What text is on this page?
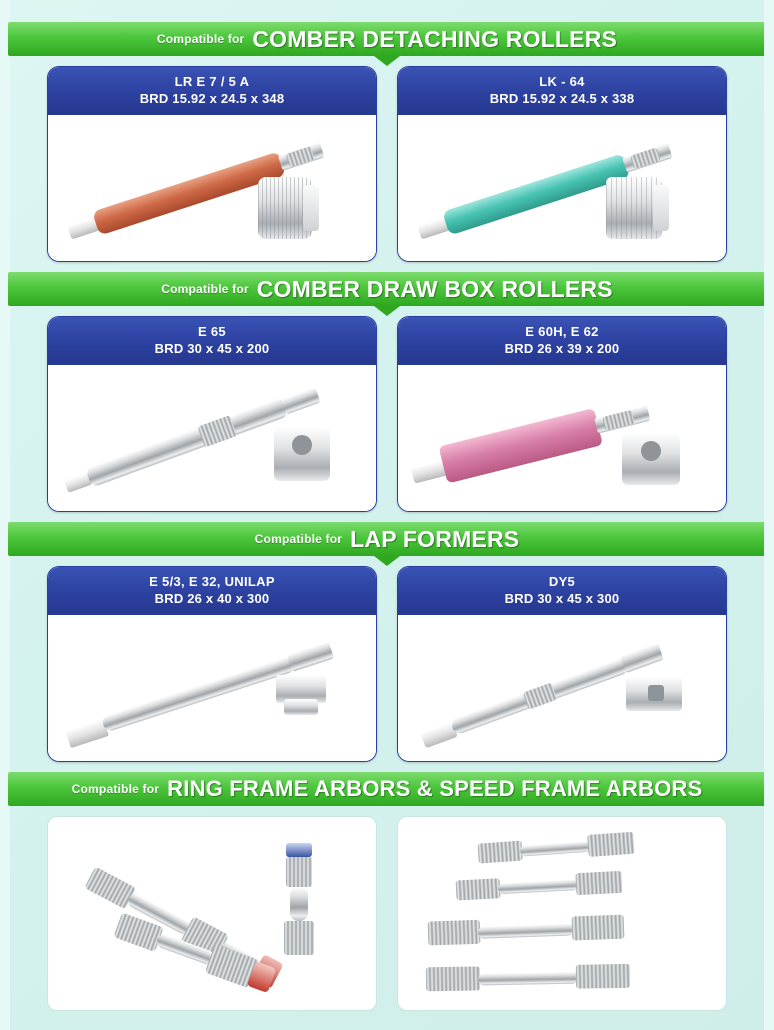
Compatible for COMBER DETACHING ROLLERS
LR E 7 / 5 A
BRD 15.92 x 24.5 x 348
LK - 64
BRD 15.92 x 24.5 x 338
Compatible for COMBER DRAW BOX ROLLERS
E 65
BRD 30 x 45 x 200
E 60H, E 62
BRD 26 x 39 x 200
Compatible for LAP FORMERS
E 5/3, E 32, UNILAP
BRD 26 x 40 x 300
DY5
BRD 30 x 45 x 300
Compatible for RING FRAME ARBORS & SPEED FRAME ARBORS
